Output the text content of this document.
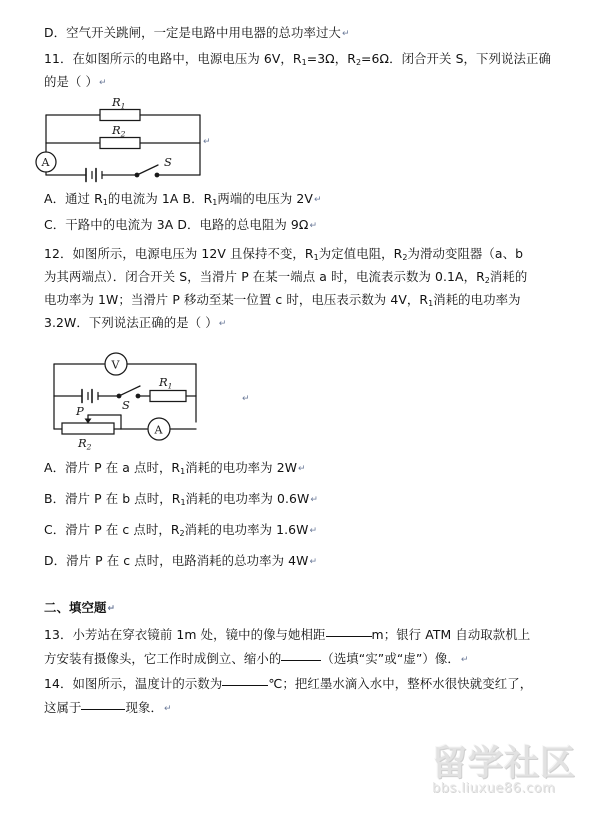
D．空气开关跳闸，一定是电路中用电器的总功率过大↵
11．在如图所示的电路中，电源电压为 6V，$R_1=3\Omega$，$R_2=6\Omega$．闭合开关 S，下列说法正确
的是（ ）↵
$R_1$
$R_2$
A	S
↵
A．通过 $R_1$的电流为 1A B．$R_1$两端的电压为 2V↵
C．干路中的电流为 3A D．电路的总电阻为 9Ω↵
12．如图所示，电源电压为 12V 且保持不变，$R_1$为定值电阻，$R_2$为滑动变阻器（a、b
为其两端点）．闭合开关 S，当滑片 P 在某一端点 a 时，电流表示数为 0.1A，$R_2$消耗的
电功率为 1W；当滑片 P 移动至某一位置 c 时，电压表示数为 4V，$R_1$消耗的电功率为
3.2W．下列说法正确的是（ ）↵
V
A
S
$R_1$
$R_2$
P
↵
A．滑片 P 在 a 点时，$R_1$消耗的电功率为 2W↵
B．滑片 P 在 b 点时，$R_1$消耗的电功率为 0.6W↵
C．滑片 P 在 c 点时，$R_2$消耗的电功率为 1.6W↵
D．滑片 P 在 c 点时，电路消耗的总功率为 4W↵
二、填空题↵
13．小芳站在穿衣镜前 1m 处，镜中的像与她相距	m；银行 ATM 自动取款机上
方安装有摄像头，它工作时成倒立、缩小的	（选填“实”或“虚”）像．↵
14．如图所示，温度计的示数为	℃；把红墨水滴入水中，整杯水很快就变红了，
这属于	现象．↵
留学社区
bbs.liuxue86.com
